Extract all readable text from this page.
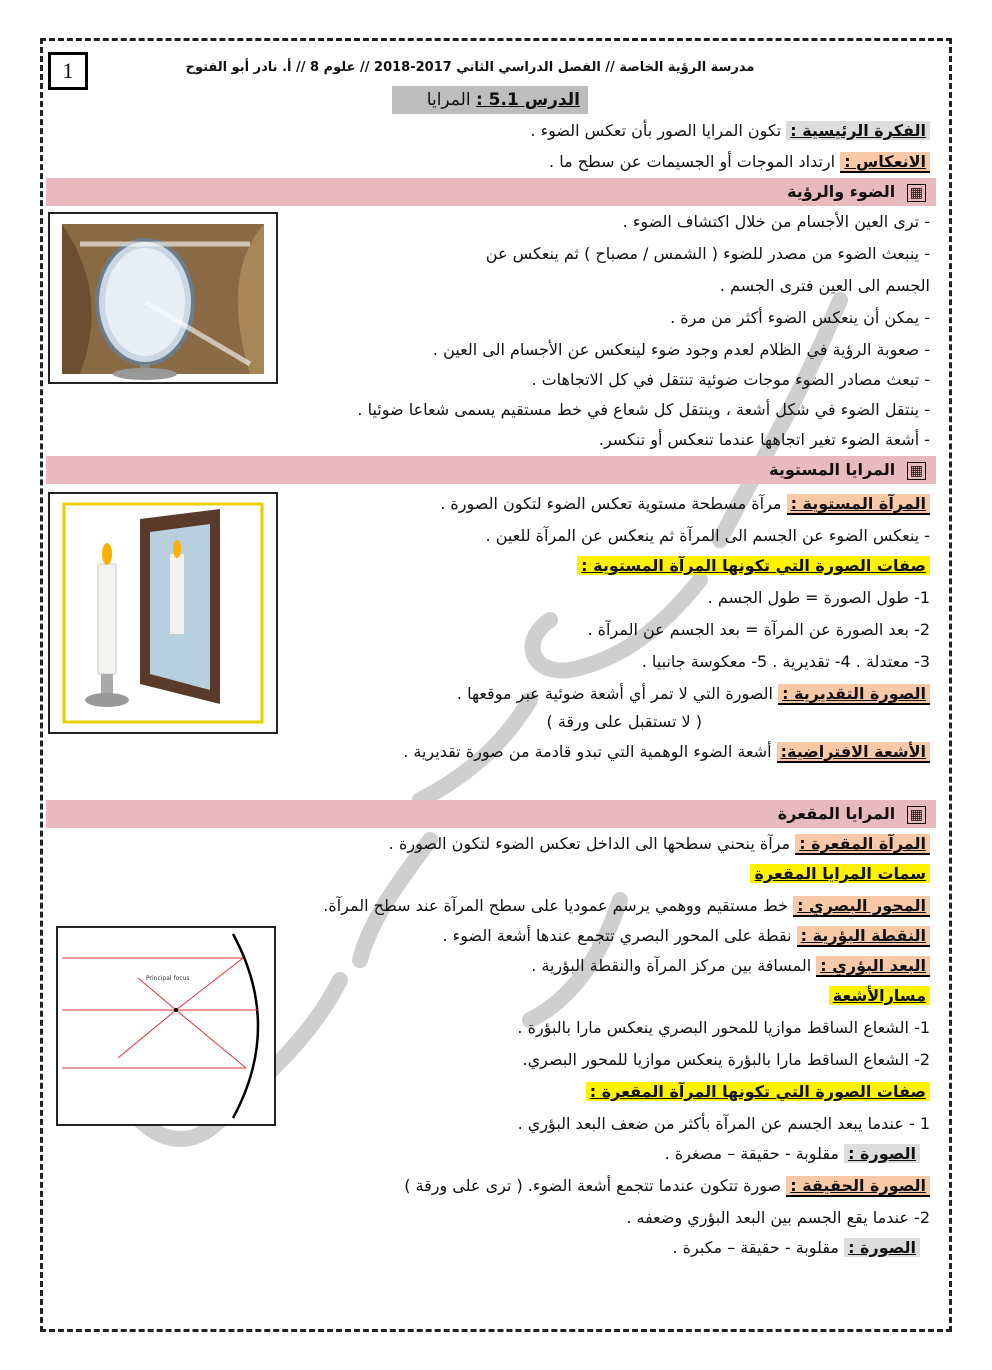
1	مدرسة الرؤية الخاصة // الفصل الدراسي الثاني 2017-2018 // علوم 8 // أ. نادر أبو الفتوح
الدرس 5.1 : المرايا
الفكرة الرئيسية : تكون المرايا الصور بأن تعكس الضوء .
الانعكاس : ارتداد الموجات أو الجسيمات عن سطح ما .
▦ الضوء والرؤية
- ترى العين الأجسام من خلال اكتشاف الضوء .
- ينبعث الضوء من مصدر للضوء ( الشمس / مصباح ) ثم ينعكس عن
الجسم الى العين فترى الجسم .
- يمكن أن ينعكس الضوء أكثر من مرة .
- صعوبة الرؤية في الظلام لعدم وجود ضوء لينعكس عن الأجسام الى العين .
- تبعث مصادر الضوء موجات ضوئية تنتقل في كل الاتجاهات .
- ينتقل الضوء في شكل أشعة ، وينتقل كل شعاع في خط مستقيم يسمى شعاعا ضوئيا .
- أشعة الضوء تغير اتجاهها عندما تنعكس أو تنكسر.
▦ المرايا المستوية
المرآة المستوية : مرآة مسطحة مستوية تعكس الضوء لتكون الصورة .
- ينعكس الضوء عن الجسم الى المرآة ثم ينعكس عن المرآة للعين .
صفات الصورة التي تكونها المرآة المستوية :
1- طول الصورة = طول الجسم .
2- بعد الصورة عن المرآة = بعد الجسم عن المرآة .
3- معتدلة . 4- تقديرية . 5- معكوسة جانبيا .
الصورة التقديرية : الصورة التي لا تمر أي أشعة ضوئية عبر موقعها .
( لا تستقبل على ورقة )
الأشعة الافتراضية: أشعة الضوء الوهمية التي تبدو قادمة من صورة تقديرية .
▦ المرايا المقعرة
المرآة المقعرة : مرآة ينحني سطحها الى الداخل تعكس الضوء لتكون الصورة .
سمات المرايا المقعرة
المحور البصري : خط مستقيم ووهمي يرسم عموديا على سطح المرآة عند سطح المرآة.
النقطة البؤرية : نقطة على المحور البصري تتجمع عندها أشعة الضوء .
البعد البؤري : المسافة بين مركز المرآة والنقطة البؤرية .
مسارالأشعة
1- الشعاع الساقط موازيا للمحور البصري ينعكس مارا بالبؤرة .
2- الشعاع الساقط مارا بالبؤرة ينعكس موازيا للمحور البصري.
Principal focus
صفات الصورة التي تكونها المرآة المقعرة :
1 - عندما يبعد الجسم عن المرآة بأكثر من ضعف البعد البؤري .
الصورة : مقلوبة - حقيقة – مصغرة .
الصورة الحقيقة : صورة تتكون عندما تتجمع أشعة الضوء. ( ترى على ورقة )
2- عندما يقع الجسم بين البعد البؤري وضعفه .
الصورة : مقلوبة - حقيقة – مكبرة .
